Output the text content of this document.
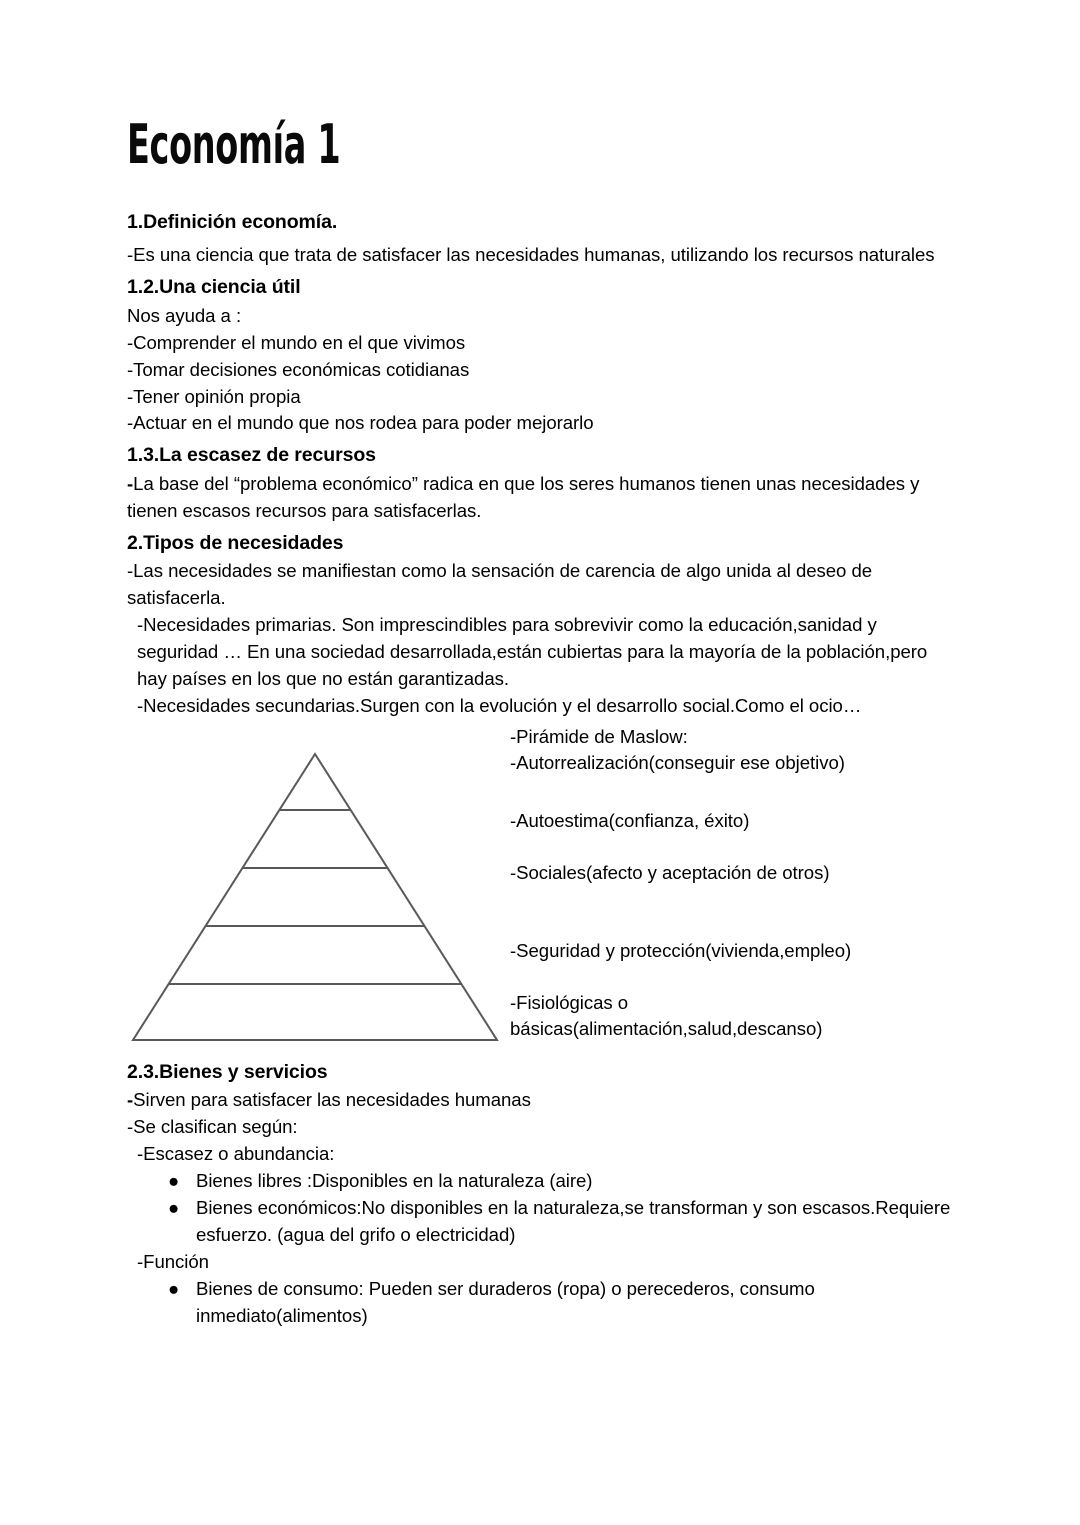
Economía 1
1.Definición economía.
-Es una ciencia que trata de satisfacer las necesidades humanas, utilizando los recursos naturales
1.2.Una ciencia útil
Nos ayuda a :
-Comprender el mundo en el que vivimos
-Tomar decisiones económicas cotidianas
-Tener opinión propia
-Actuar en el mundo que nos rodea para poder mejorarlo
1.3.La escasez de recursos
-La base del “problema económico” radica en que los seres humanos tienen unas necesidades y tienen escasos recursos para satisfacerlas.
2.Tipos de necesidades
-Las necesidades se manifiestan como la sensación de carencia de algo unida al deseo de satisfacerla.
-Necesidades primarias. Son imprescindibles para sobrevivir como la educación,sanidad y seguridad … En una sociedad desarrollada,están cubiertas para la mayoría de la población,pero hay países en los que no están garantizadas.
-Necesidades secundarias.Surgen con la evolución y el desarrollo social.Como el ocio…
-Pirámide de Maslow:
-Autorrealización(conseguir ese objetivo)
-Autoestima(confianza, éxito)
-Sociales(afecto y aceptación de otros)
-Seguridad y protección(vivienda,empleo)
-Fisiológicas o
básicas(alimentación,salud,descanso)
2.3.Bienes y servicios
-Sirven para satisfacer las necesidades humanas
-Se clasifican según:
-Escasez o abundancia:
● Bienes libres :Disponibles en la naturaleza (aire)
● Bienes económicos:No disponibles en la naturaleza,se transforman y son escasos.Requiere esfuerzo. (agua del grifo o electricidad)
-Función
● Bienes de consumo: Pueden ser duraderos (ropa) o perecederos, consumo inmediato(alimentos)
